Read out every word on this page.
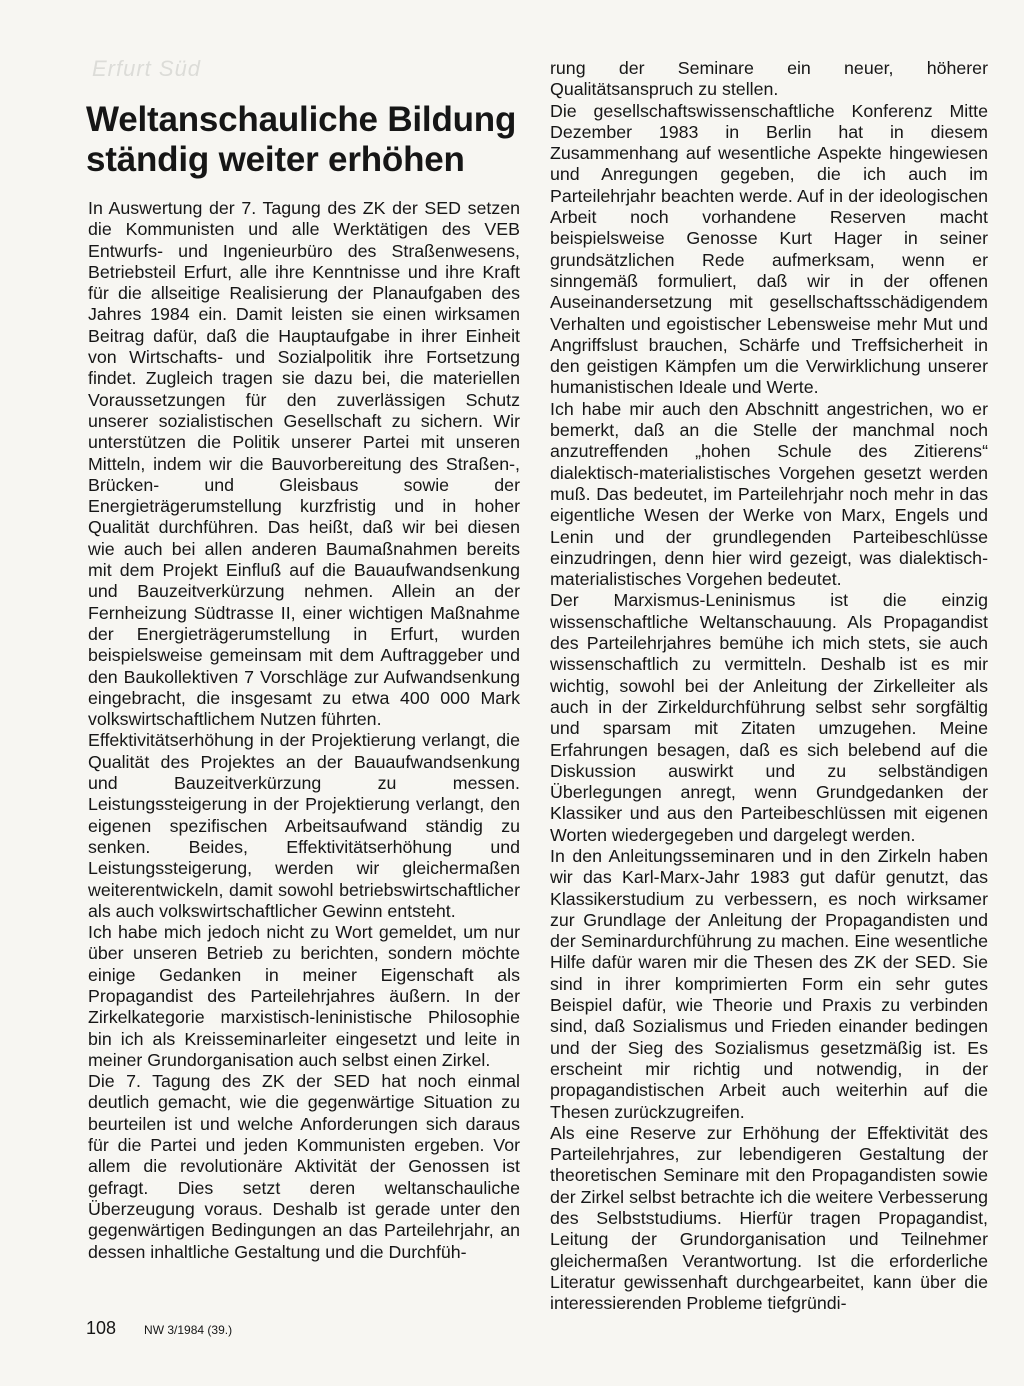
Erfurt Süd
Weltanschauliche Bildung
ständig weiter erhöhen

In Auswertung der 7. Tagung des ZK der SED setzen die Kommunisten und alle Werktätigen des VEB Entwurfs- und Ingenieurbüro des Straßenwesens, Betriebsteil Erfurt, alle ihre Kenntnisse und ihre Kraft für die allseitige Realisierung der Planaufgaben des Jahres 1984 ein. Damit leisten sie einen wirksamen Beitrag dafür, daß die Hauptaufgabe in ihrer Einheit von Wirtschafts- und Sozialpolitik ihre Fortsetzung findet. Zugleich tragen sie dazu bei, die materiellen Voraussetzungen für den zuverlässigen Schutz unserer sozialistischen Gesellschaft zu sichern. Wir unterstützen die Politik unserer Partei mit unseren Mitteln, indem wir die Bauvorbereitung des Straßen-, Brücken- und Gleisbaus sowie der Energieträgerumstellung kurzfristig und in hoher Qualität durchführen. Das heißt, daß wir bei diesen wie auch bei allen anderen Baumaßnahmen bereits mit dem Projekt Einfluß auf die Bauaufwandsenkung und Bauzeitverkürzung nehmen. Allein an der Fernheizung Südtrasse II, einer wichtigen Maßnahme der Energieträgerumstellung in Erfurt, wurden beispielsweise gemeinsam mit dem Auftraggeber und den Baukollektiven 7 Vorschläge zur Aufwandsenkung eingebracht, die insgesamt zu etwa 400 000 Mark volkswirtschaftlichem Nutzen führten.

Effektivitätserhöhung in der Projektierung verlangt, die Qualität des Projektes an der Bauaufwandsenkung und Bauzeitverkürzung zu messen. Leistungssteigerung in der Projektierung verlangt, den eigenen spezifischen Arbeitsaufwand ständig zu senken. Beides, Effektivitätserhöhung und Leistungssteigerung, werden wir gleichermaßen weiterentwickeln, damit sowohl betriebswirtschaftlicher als auch volkswirtschaftlicher Gewinn entsteht.

Ich habe mich jedoch nicht zu Wort gemeldet, um nur über unseren Betrieb zu berichten, sondern möchte einige Gedanken in meiner Eigenschaft als Propagandist des Parteilehrjahres äußern. In der Zirkelkategorie marxistisch-leninistische Philosophie bin ich als Kreisseminarleiter eingesetzt und leite in meiner Grundorganisation auch selbst einen Zirkel.

Die 7. Tagung des ZK der SED hat noch einmal deutlich gemacht, wie die gegenwärtige Situation zu beurteilen ist und welche Anforderungen sich daraus für die Partei und jeden Kommunisten ergeben. Vor allem die revolutionäre Aktivität der Genossen ist gefragt. Dies setzt deren weltanschauliche Überzeugung voraus. Deshalb ist gerade unter den gegenwärtigen Bedingungen an das Parteilehrjahr, an dessen inhaltliche Gestaltung und die Durchfüh-

rung der Seminare ein neuer, höherer Qualitätsanspruch zu stellen.

Die gesellschaftswissenschaftliche Konferenz Mitte Dezember 1983 in Berlin hat in diesem Zusammenhang auf wesentliche Aspekte hingewiesen und Anregungen gegeben, die ich auch im Parteilehrjahr beachten werde. Auf in der ideologischen Arbeit noch vorhandene Reserven macht beispielsweise Genosse Kurt Hager in seiner grundsätzlichen Rede aufmerksam, wenn er sinngemäß formuliert, daß wir in der offenen Auseinandersetzung mit gesellschaftsschädigendem Verhalten und egoistischer Lebensweise mehr Mut und Angriffslust brauchen, Schärfe und Treffsicherheit in den geistigen Kämpfen um die Verwirklichung unserer humanistischen Ideale und Werte.

Ich habe mir auch den Abschnitt angestrichen, wo er bemerkt, daß an die Stelle der manchmal noch anzutreffenden „hohen Schule des Zitierens“ dialektisch-materialistisches Vorgehen gesetzt werden muß. Das bedeutet, im Parteilehrjahr noch mehr in das eigentliche Wesen der Werke von Marx, Engels und Lenin und der grundlegenden Parteibeschlüsse einzudringen, denn hier wird gezeigt, was dialektisch-materialistisches Vorgehen bedeutet.

Der Marxismus-Leninismus ist die einzig wissenschaftliche Weltanschauung. Als Propagandist des Parteilehrjahres bemühe ich mich stets, sie auch wissenschaftlich zu vermitteln. Deshalb ist es mir wichtig, sowohl bei der Anleitung der Zirkelleiter als auch in der Zirkeldurchführung selbst sehr sorgfältig und sparsam mit Zitaten umzugehen. Meine Erfahrungen besagen, daß es sich belebend auf die Diskussion auswirkt und zu selbständigen Überlegungen anregt, wenn Grundgedanken der Klassiker und aus den Parteibeschlüssen mit eigenen Worten wiedergegeben und dargelegt werden.

In den Anleitungsseminaren und in den Zirkeln haben wir das Karl-Marx-Jahr 1983 gut dafür genutzt, das Klassikerstudium zu verbessern, es noch wirksamer zur Grundlage der Anleitung der Propagandisten und der Seminardurchführung zu machen. Eine wesentliche Hilfe dafür waren mir die Thesen des ZK der SED. Sie sind in ihrer komprimierten Form ein sehr gutes Beispiel dafür, wie Theorie und Praxis zu verbinden sind, daß Sozialismus und Frieden einander bedingen und der Sieg des Sozialismus gesetzmäßig ist. Es erscheint mir richtig und notwendig, in der propagandistischen Arbeit auch weiterhin auf die Thesen zurückzugreifen.

Als eine Reserve zur Erhöhung der Effektivität des Parteilehrjahres, zur lebendigeren Gestaltung der theoretischen Seminare mit den Propagandisten sowie der Zirkel selbst betrachte ich die weitere Verbesserung des Selbststudiums. Hierfür tragen Propagandist, Leitung der Grundorganisation und Teilnehmer gleichermaßen Verantwortung. Ist die erforderliche Literatur gewissenhaft durchgearbeitet, kann über die interessierenden Probleme tiefgründi-

108 NW 3/1984 (39.)
